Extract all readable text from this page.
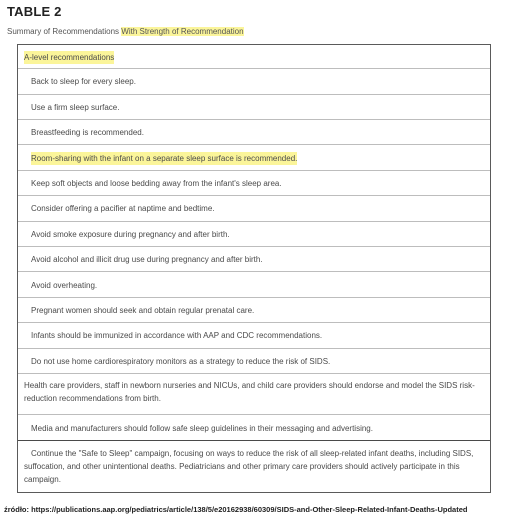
TABLE 2
Summary of Recommendations With Strength of Recommendation
A-level recommendations
Back to sleep for every sleep.
Use a firm sleep surface.
Breastfeeding is recommended.
Room-sharing with the infant on a separate sleep surface is recommended.
Keep soft objects and loose bedding away from the infant's sleep area.
Consider offering a pacifier at naptime and bedtime.
Avoid smoke exposure during pregnancy and after birth.
Avoid alcohol and illicit drug use during pregnancy and after birth.
Avoid overheating.
Pregnant women should seek and obtain regular prenatal care.
Infants should be immunized in accordance with AAP and CDC recommendations.
Do not use home cardiorespiratory monitors as a strategy to reduce the risk of SIDS.
Health care providers, staff in newborn nurseries and NICUs, and child care providers should endorse and model the SIDS risk-reduction recommendations from birth.
Media and manufacturers should follow safe sleep guidelines in their messaging and advertising.
Continue the "Safe to Sleep" campaign, focusing on ways to reduce the risk of all sleep-related infant deaths, including SIDS, suffocation, and other unintentional deaths. Pediatricians and other primary care providers should actively participate in this campaign.
źródło: https://publications.aap.org/pediatrics/article/138/5/e20162938/60309/SIDS-and-Other-Sleep-Related-Infant-Deaths-Updated
